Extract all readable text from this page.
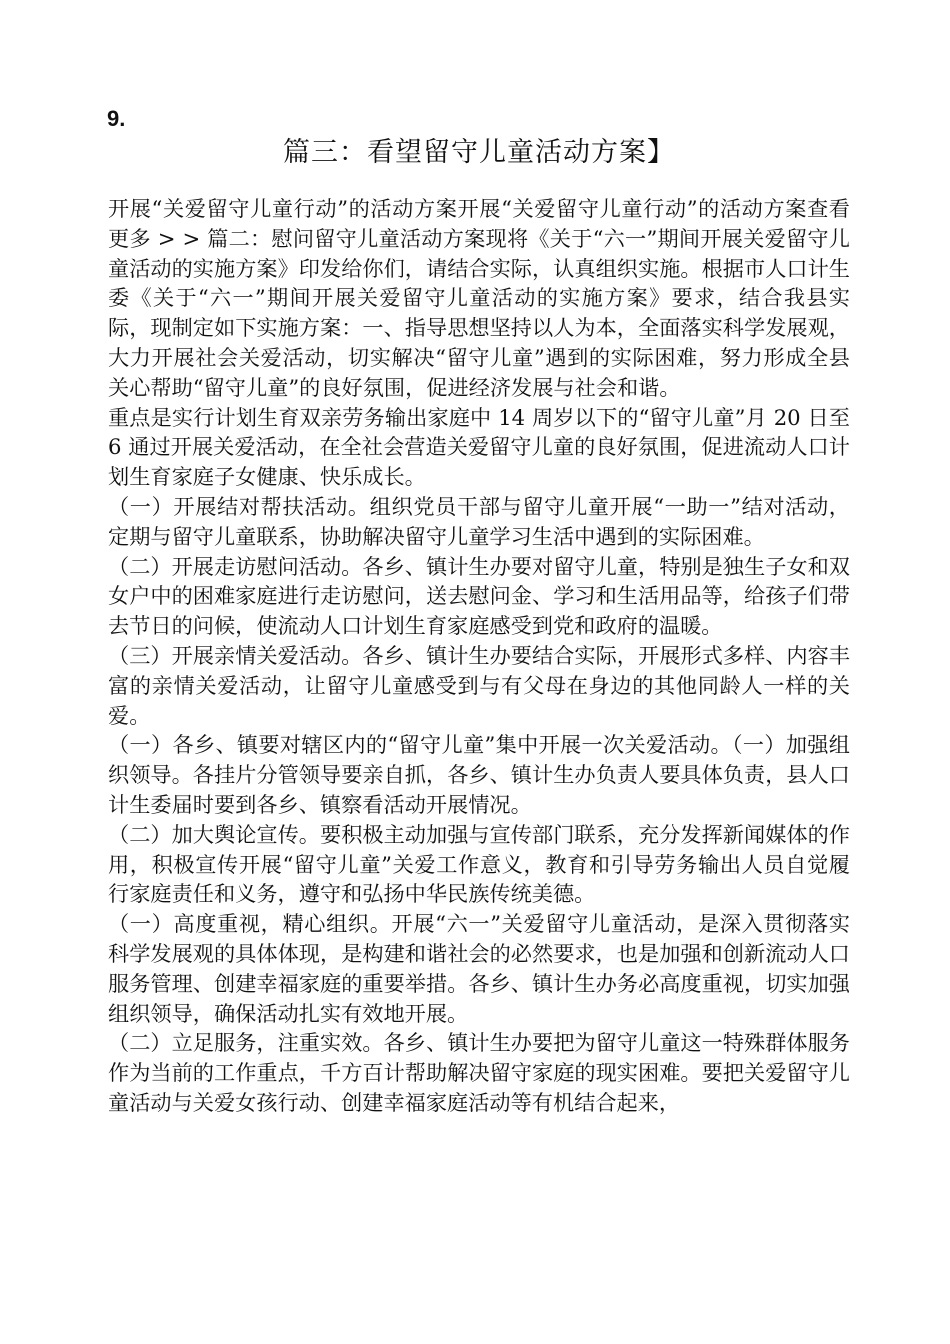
9.
篇三：看望留守儿童活动方案】

开展“关爱留守儿童行动”的活动方案开展“关爱留守儿童行动”的活动方案查看更多 > > 篇二：慰问留守儿童活动方案现将《关于“六一”期间开展关爱留守儿童活动的实施方案》印发给你们，请结合实际，认真组织实施。根据市人口计生委《关于“六一”期间开展关爱留守儿童活动的实施方案》要求，结合我县实际，现制定如下实施方案：一、指导思想坚持以人为本，全面落实科学发展观，大力开展社会关爱活动，切实解决“留守儿童”遇到的实际困难，努力形成全县关心帮助“留守儿童”的良好氛围，促进经济发展与社会和谐。

重点是实行计划生育双亲劳务输出家庭中 14 周岁以下的“留守儿童”月 20 日至 6 通过开展关爱活动，在全社会营造关爱留守儿童的良好氛围，促进流动人口计划生育家庭子女健康、快乐成长。

（一）开展结对帮扶活动。组织党员干部与留守儿童开展“一助一”结对活动，定期与留守儿童联系，协助解决留守儿童学习生活中遇到的实际困难。

（二）开展走访慰问活动。各乡、镇计生办要对留守儿童，特别是独生子女和双女户中的困难家庭进行走访慰问，送去慰问金、学习和生活用品等，给孩子们带去节日的问候，使流动人口计划生育家庭感受到党和政府的温暖。

（三）开展亲情关爱活动。各乡、镇计生办要结合实际，开展形式多样、内容丰富的亲情关爱活动，让留守儿童感受到与有父母在身边的其他同龄人一样的关爱。

（一）各乡、镇要对辖区内的“留守儿童”集中开展一次关爱活动。（一）加强组织领导。各挂片分管领导要亲自抓，各乡、镇计生办负责人要具体负责，县人口计生委届时要到各乡、镇察看活动开展情况。

（二）加大舆论宣传。要积极主动加强与宣传部门联系，充分发挥新闻媒体的作用，积极宣传开展“留守儿童”关爱工作意义，教育和引导劳务输出人员自觉履行家庭责任和义务，遵守和弘扬中华民族传统美德。

（一）高度重视，精心组织。开展“六一”关爱留守儿童活动，是深入贯彻落实科学发展观的具体体现，是构建和谐社会的必然要求，也是加强和创新流动人口服务管理、创建幸福家庭的重要举措。各乡、镇计生办务必高度重视，切实加强组织领导，确保活动扎实有效地开展。

（二）立足服务，注重实效。各乡、镇计生办要把为留守儿童这一特殊群体服务作为当前的工作重点，千方百计帮助解决留守家庭的现实困难。要把关爱留守儿童活动与关爱女孩行动、创建幸福家庭活动等有机结合起来，
